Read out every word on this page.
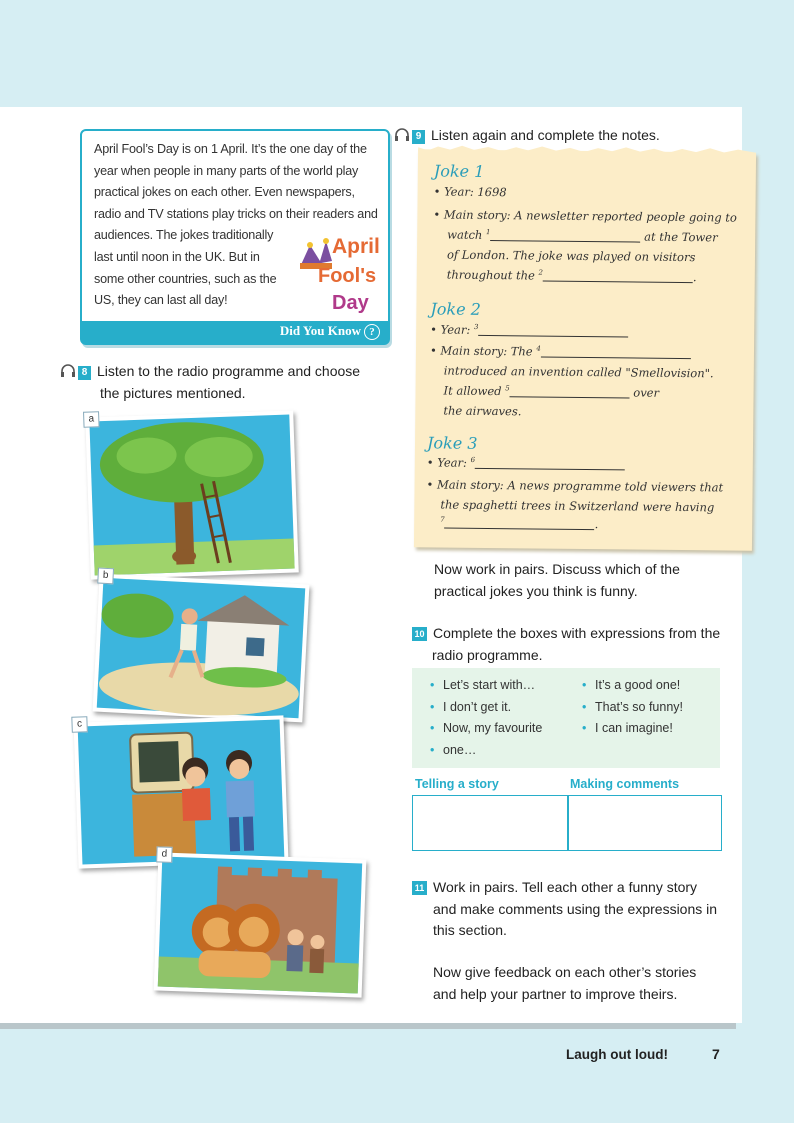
April Fool’s Day is on 1 April. It’s the one day of the
year when people in many parts of the world play
practical jokes on each other. Even newspapers,
radio and TV stations play tricks on their readers and
audiences. The jokes traditionally
last until noon in the UK. But in
some other countries, such as the
US, they can last all day!
April
Fool's
Day
Did You Know ?
8 Listen to the radio programme and choose
the pictures mentioned.
a
b
c
d
9 Listen again and complete the notes.
Joke 1
• Year: 1698
• Main story: A newsletter reported people going to
watch $^1$	at the Tower
of London. The joke was played on visitors
throughout the $^2$	.
Joke 2
• Year: $^3$
• Main story: The $^4$
introduced an invention called "Smellovision".
It allowed $^5$	over
the airwaves.
Joke 3
• Year: $^6$
• Main story: A news programme told viewers that
the spaghetti trees in Switzerland were having
$^7$	.
Now work in pairs. Discuss which of the
practical jokes you think is funny.
10 Complete the boxes with expressions from the
radio programme.
• Let’s start with…
• I don’t get it.
• Now, my favourite
• one…
• It’s a good one!
• That’s so funny!
• I can imagine!
Telling a story	Making comments
11 Work in pairs. Tell each other a funny story
and make comments using the expressions in
this section.
Now give feedback on each other’s stories
and help your partner to improve theirs.
Laugh out loud!	7
